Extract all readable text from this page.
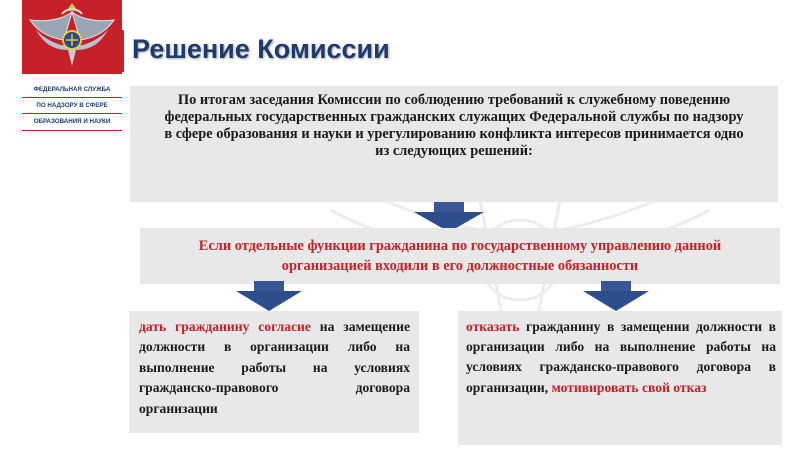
ФЕДЕРАЛЬНАЯ СЛУЖБА
ПО НАДЗОРУ В СФЕРЕ
ОБРАЗОВАНИЯ И НАУКИ
Решение Комиссии
По итогам заседания Комиссии по соблюдению требований к служебному поведению федеральных государственных гражданских служащих Федеральной службы по надзору в сфере образования и науки и урегулированию конфликта интересов принимается одно из следующих решений:
Если отдельные функции гражданина по государственному управлению данной организацией входили в его должностные обязанности
дать гражданину согласие на замещение должности в организации либо на выполнение работы на условиях гражданско-правового договора организации
отказать гражданину в замещении должности в организации либо на выполнение работы на условиях гражданско-правового договора в организации, мотивировать свой отказ
